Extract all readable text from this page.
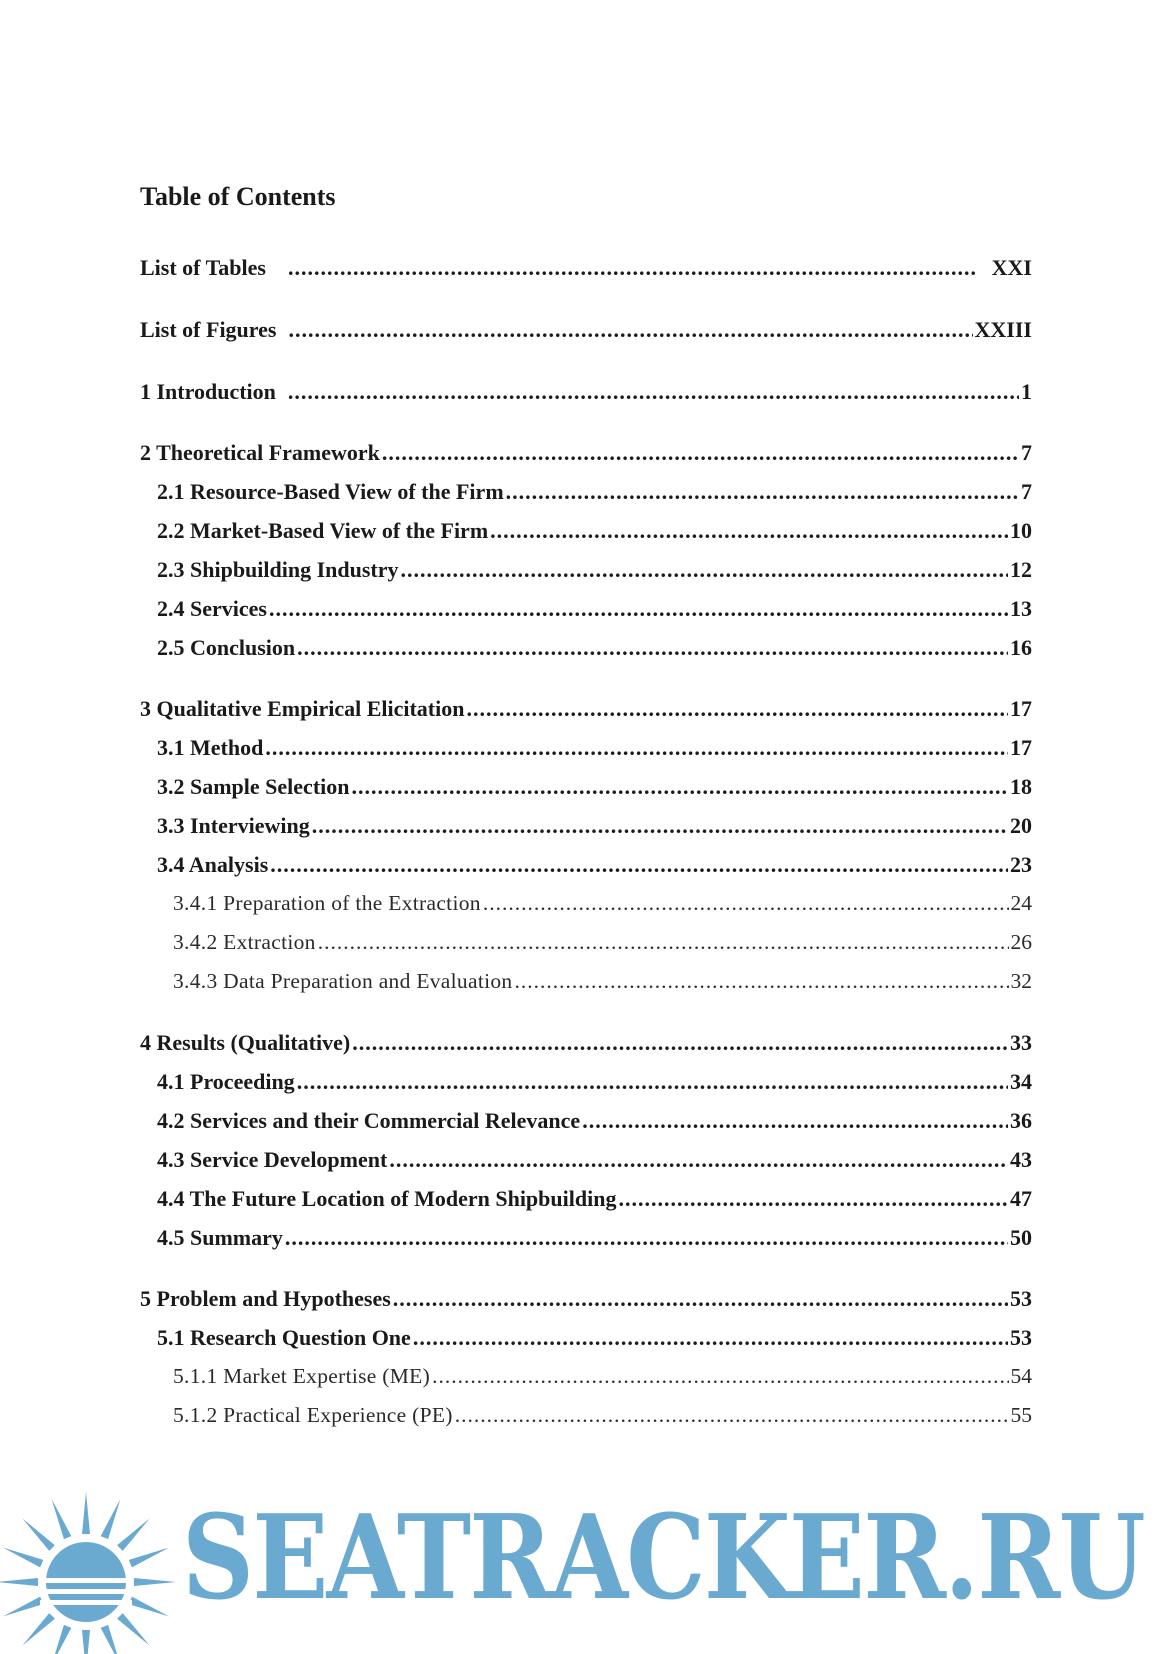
Table of Contents
List of Tables .....	XXI
List of Figures .....	XXIII
1 Introduction .....	1
2 Theoretical Framework .....	7
2.1 Resource-Based View of the Firm .....	7
2.2 Market-Based View of the Firm .....	10
2.3 Shipbuilding Industry .....	12
2.4 Services .....	13
2.5 Conclusion .....	16
3 Qualitative Empirical Elicitation .....	17
3.1 Method .....	17
3.2 Sample Selection .....	18
3.3 Interviewing .....	20
3.4 Analysis .....	23
3.4.1 Preparation of the Extraction .....	24
3.4.2 Extraction .....	26
3.4.3 Data Preparation and Evaluation .....	32
4 Results (Qualitative) .....	33
4.1 Proceeding .....	34
4.2 Services and their Commercial Relevance .....	36
4.3 Service Development .....	43
4.4 The Future Location of Modern Shipbuilding .....	47
4.5 Summary .....	50
5 Problem and Hypotheses .....	53
5.1 Research Question One .....	53
5.1.1 Market Expertise (ME) .....	54
5.1.2 Practical Experience (PE) .....	55
SEATRACKER.RU
